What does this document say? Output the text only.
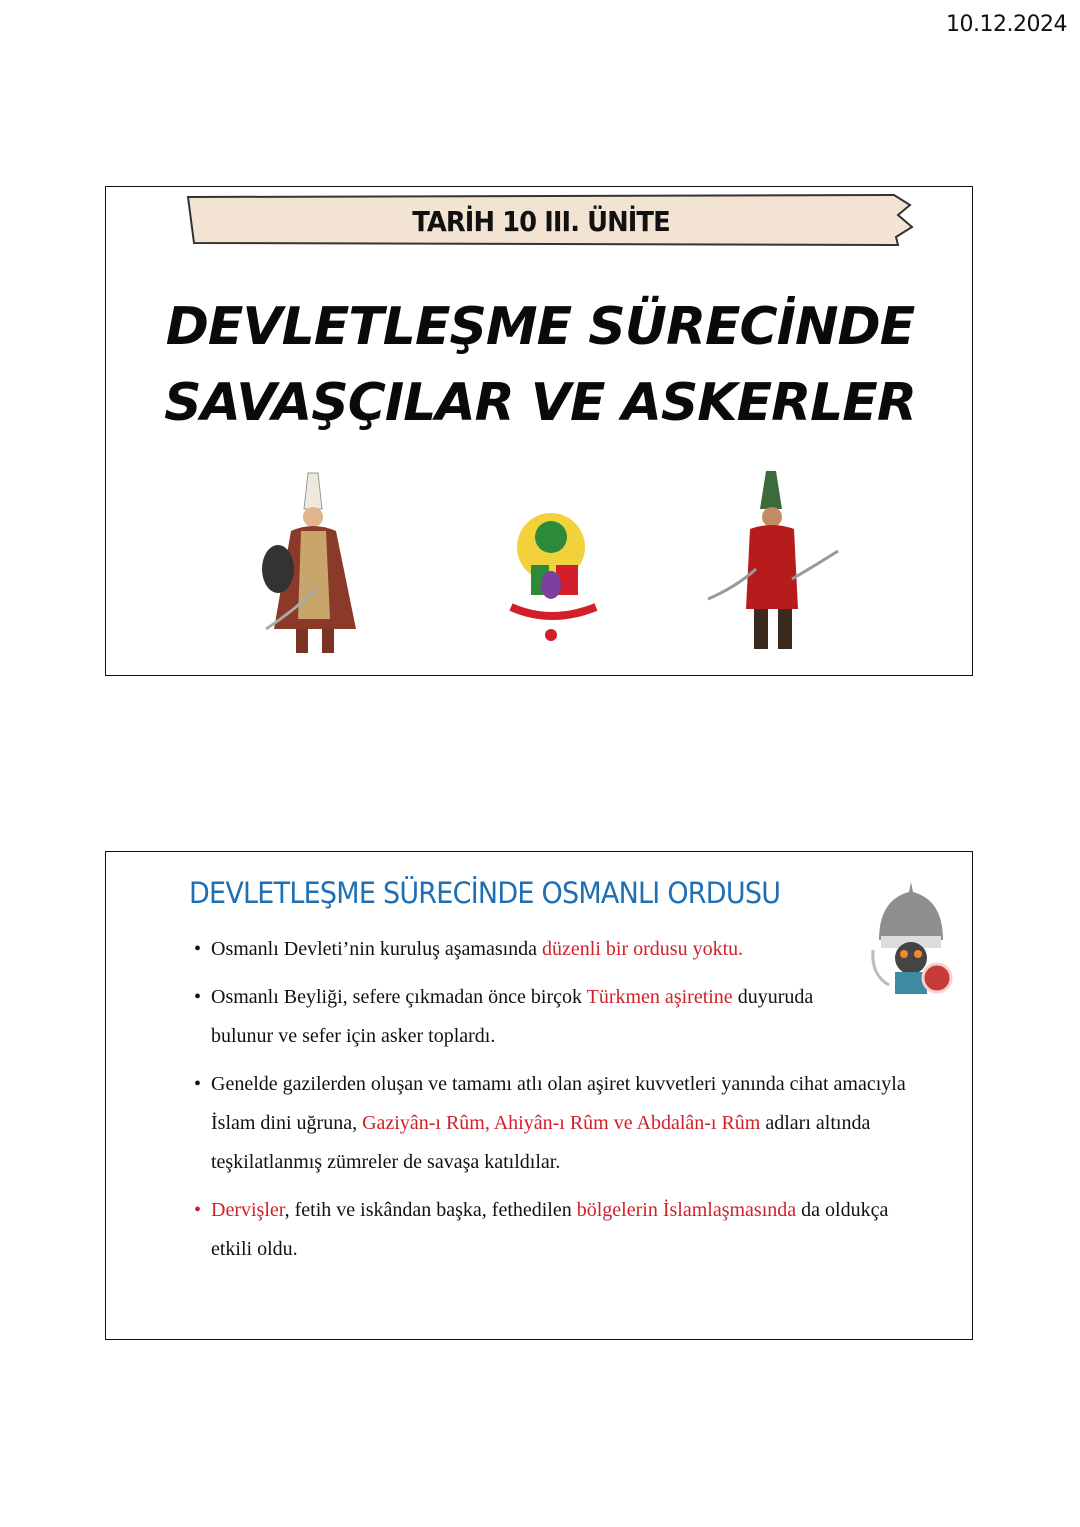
10.12.2024
TARİH 10 III. ÜNİTE
DEVLETLEŞME SÜRECİNDE
SAVAŞÇILAR VE ASKERLER
DEVLETLEŞME SÜRECİNDE OSMANLI ORDUSU
• Osmanlı Devleti’nin kuruluş aşamasında düzenli bir ordusu yoktu.
• Osmanlı Beyliği, sefere çıkmadan önce birçok Türkmen aşiretine duyuruda bulunur ve sefer için asker toplardı.
• Genelde gazilerden oluşan ve tamamı atlı olan aşiret kuvvetleri yanında cihat amacıyla İslam dini uğruna, Gaziyân-ı Rûm, Ahiyân-ı Rûm ve Abdalân-ı Rûm adları altında teşkilatlanmış zümreler de savaşa katıldılar.
• Dervişler, fetih ve iskândan başka, fethedilen bölgelerin İslamlaşmasında da oldukça etkili oldu.
